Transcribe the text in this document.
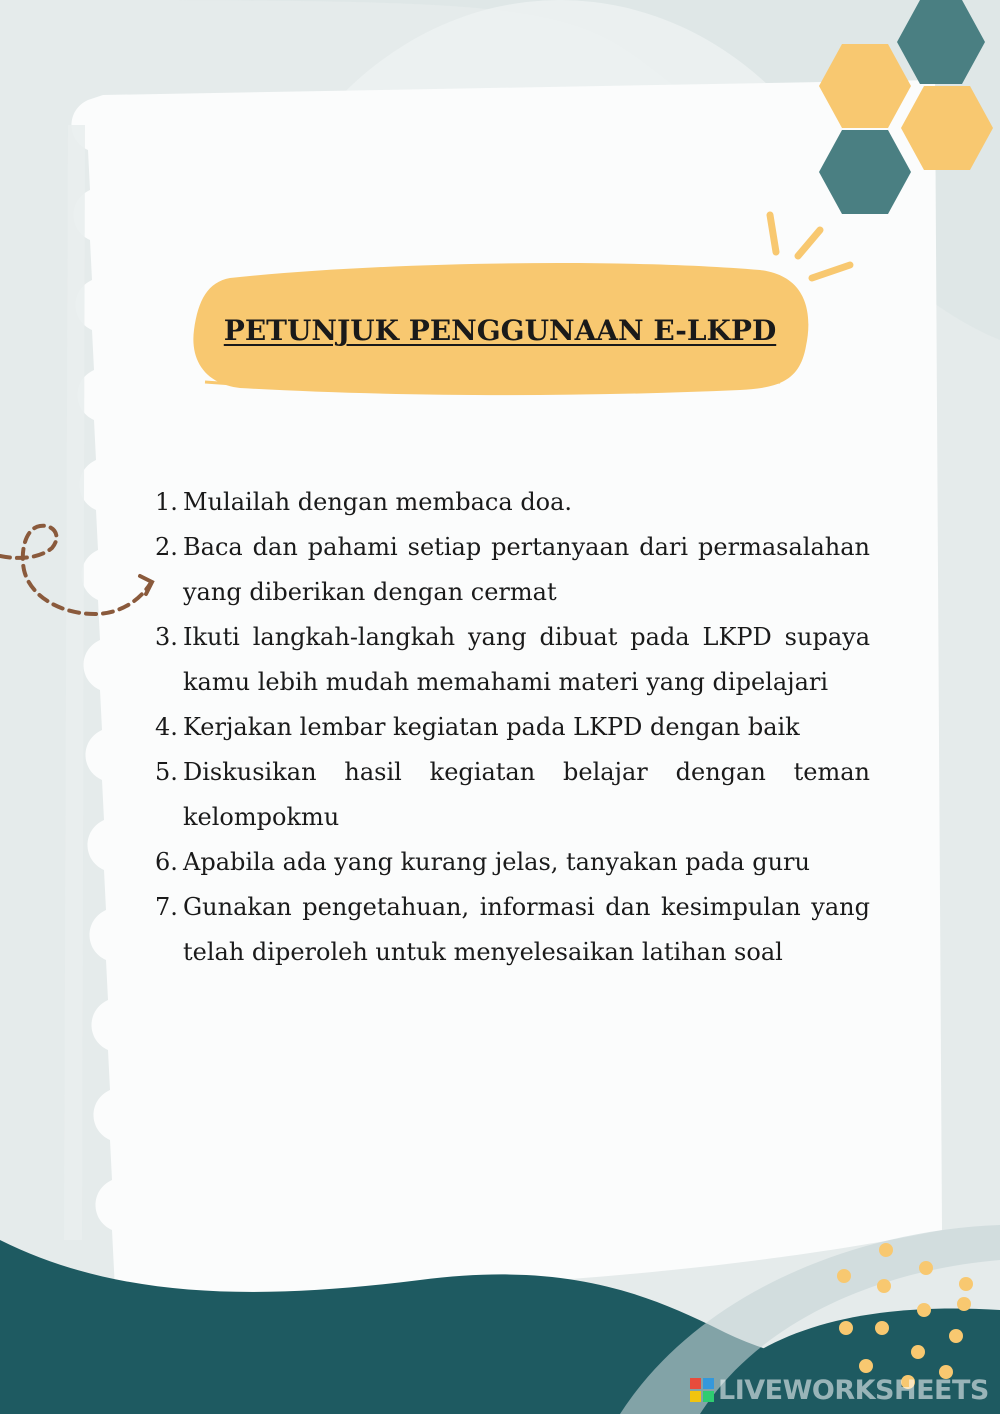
PETUNJUK PENGGUNAAN E-LKPD
1. Mulailah dengan membaca doa.
2. Baca dan pahami setiap pertanyaan dari permasalahan yang diberikan dengan cermat
3. Ikuti langkah-langkah yang dibuat pada LKPD supaya kamu lebih mudah memahami materi yang dipelajari
4. Kerjakan lembar kegiatan pada LKPD dengan baik
5. Diskusikan hasil kegiatan belajar dengan teman kelompokmu
6. Apabila ada yang kurang jelas, tanyakan pada guru
7. Gunakan pengetahuan, informasi dan kesimpulan yang telah diperoleh untuk menyelesaikan latihan soal
LIVEWORKSHEETS
